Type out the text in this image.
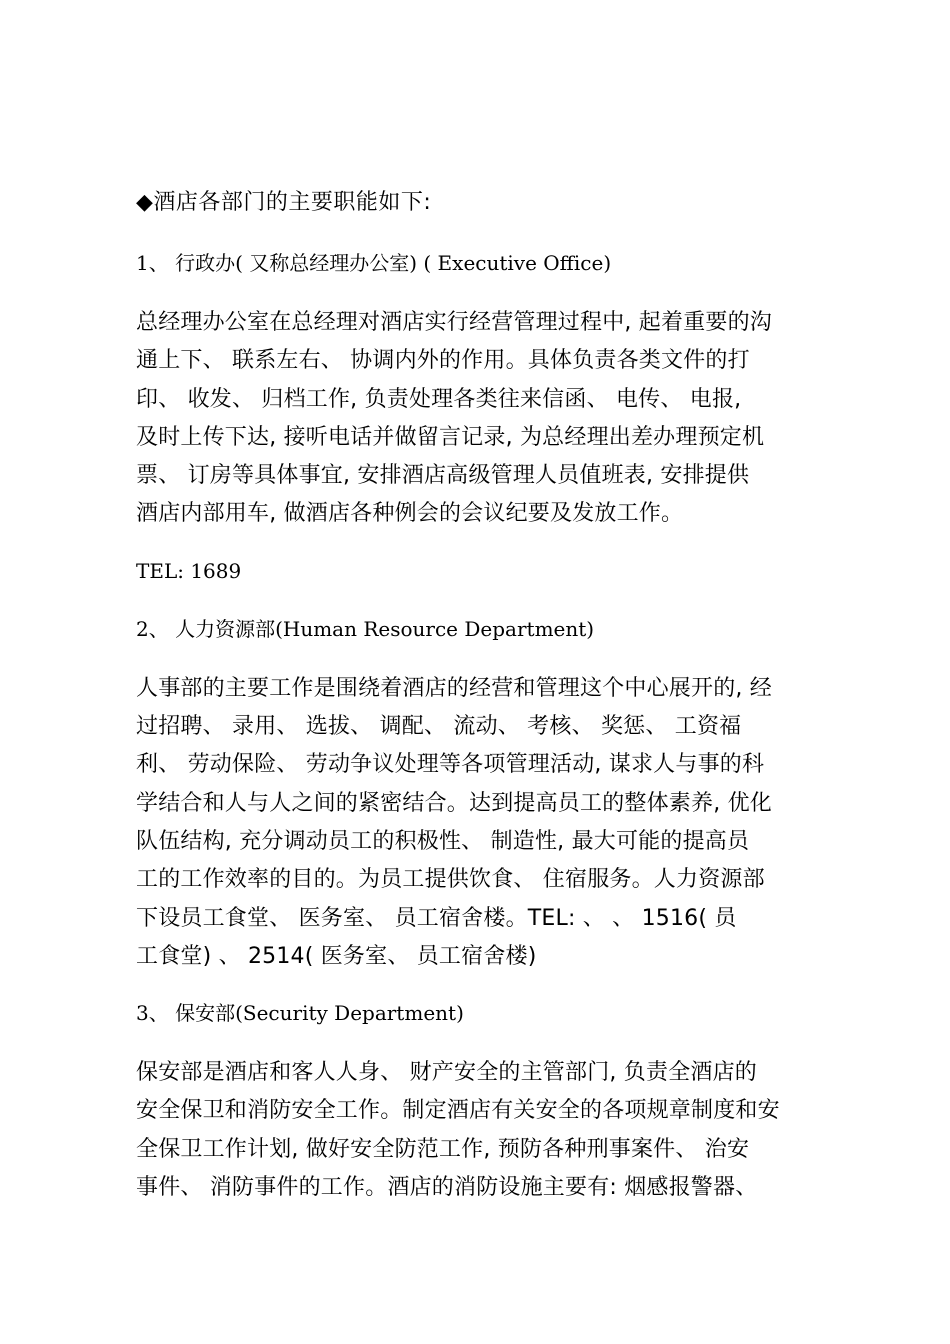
◆酒店各部门的主要职能如下:
1、 行政办( 又称总经理办公室) ( Executive Office)
总经理办公室在总经理对酒店实行经营管理过程中, 起着重要的沟
通上下、 联系左右、 协调内外的作用。具体负责各类文件的打
印、 收发、 归档工作, 负责处理各类往来信函、 电传、 电报,
及时上传下达, 接听电话并做留言记录, 为总经理出差办理预定机
票、 订房等具体事宜, 安排酒店高级管理人员值班表, 安排提供
酒店内部用车, 做酒店各种例会的会议纪要及发放工作。
TEL: 1689
2、 人力资源部(Human Resource Department)
人事部的主要工作是围绕着酒店的经营和管理这个中心展开的, 经
过招聘、 录用、 选拔、 调配、 流动、 考核、 奖惩、 工资福
利、 劳动保险、 劳动争议处理等各项管理活动, 谋求人与事的科
学结合和人与人之间的紧密结合。达到提高员工的整体素养, 优化
队伍结构, 充分调动员工的积极性、 制造性, 最大可能的提高员
工的工作效率的目的。为员工提供饮食、 住宿服务。人力资源部
下设员工食堂、 医务室、 员工宿舍楼。TEL: 、 、 1516( 员
工食堂) 、 2514( 医务室、 员工宿舍楼)
3、 保安部(Security Department)
保安部是酒店和客人人身、 财产安全的主管部门, 负责全酒店的
安全保卫和消防安全工作。制定酒店有关安全的各项规章制度和安
全保卫工作计划, 做好安全防范工作, 预防各种刑事案件、 治安
事件、 消防事件的工作。酒店的消防设施主要有: 烟感报警器、
